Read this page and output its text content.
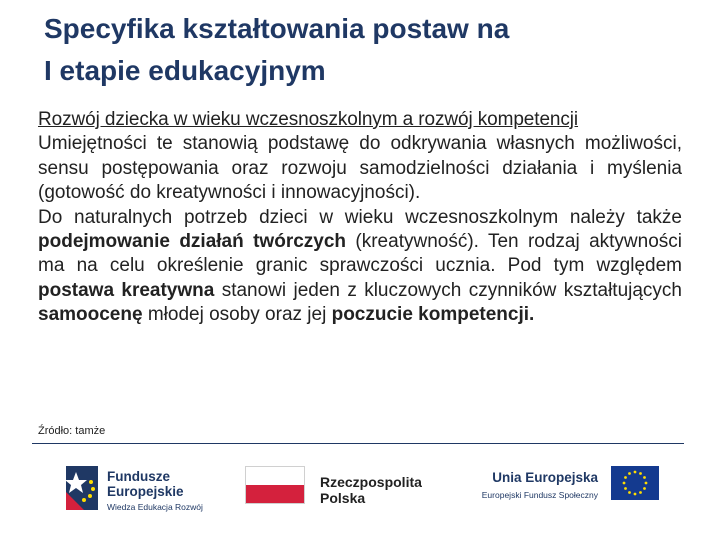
Specyfika kształtowania postaw na
I etapie edukacyjnym
Rozwój dziecka w wieku wczesnoszkolnym a rozwój kompetencji

Umiejętności te stanowią podstawę do odkrywania własnych możliwości, sensu postępowania oraz rozwoju samodzielności działania i myślenia (gotowość do kreatywności i innowacyjności).

Do naturalnych potrzeb dzieci w wieku wczesnoszkolnym należy także podejmowanie działań twórczych (kreatywność). Ten rodzaj aktywności ma na celu określenie granic sprawczości ucznia. Pod tym względem postawa kreatywna stanowi jeden z kluczowych czynników kształtujących samoocenę młodej osoby oraz jej poczucie kompetencji.

Źródło: tamże
Fundusze
Europejskie
Wiedza Edukacja Rozwój
Rzeczpospolita
Polska
Unia Europejska
Europejski Fundusz Społeczny
